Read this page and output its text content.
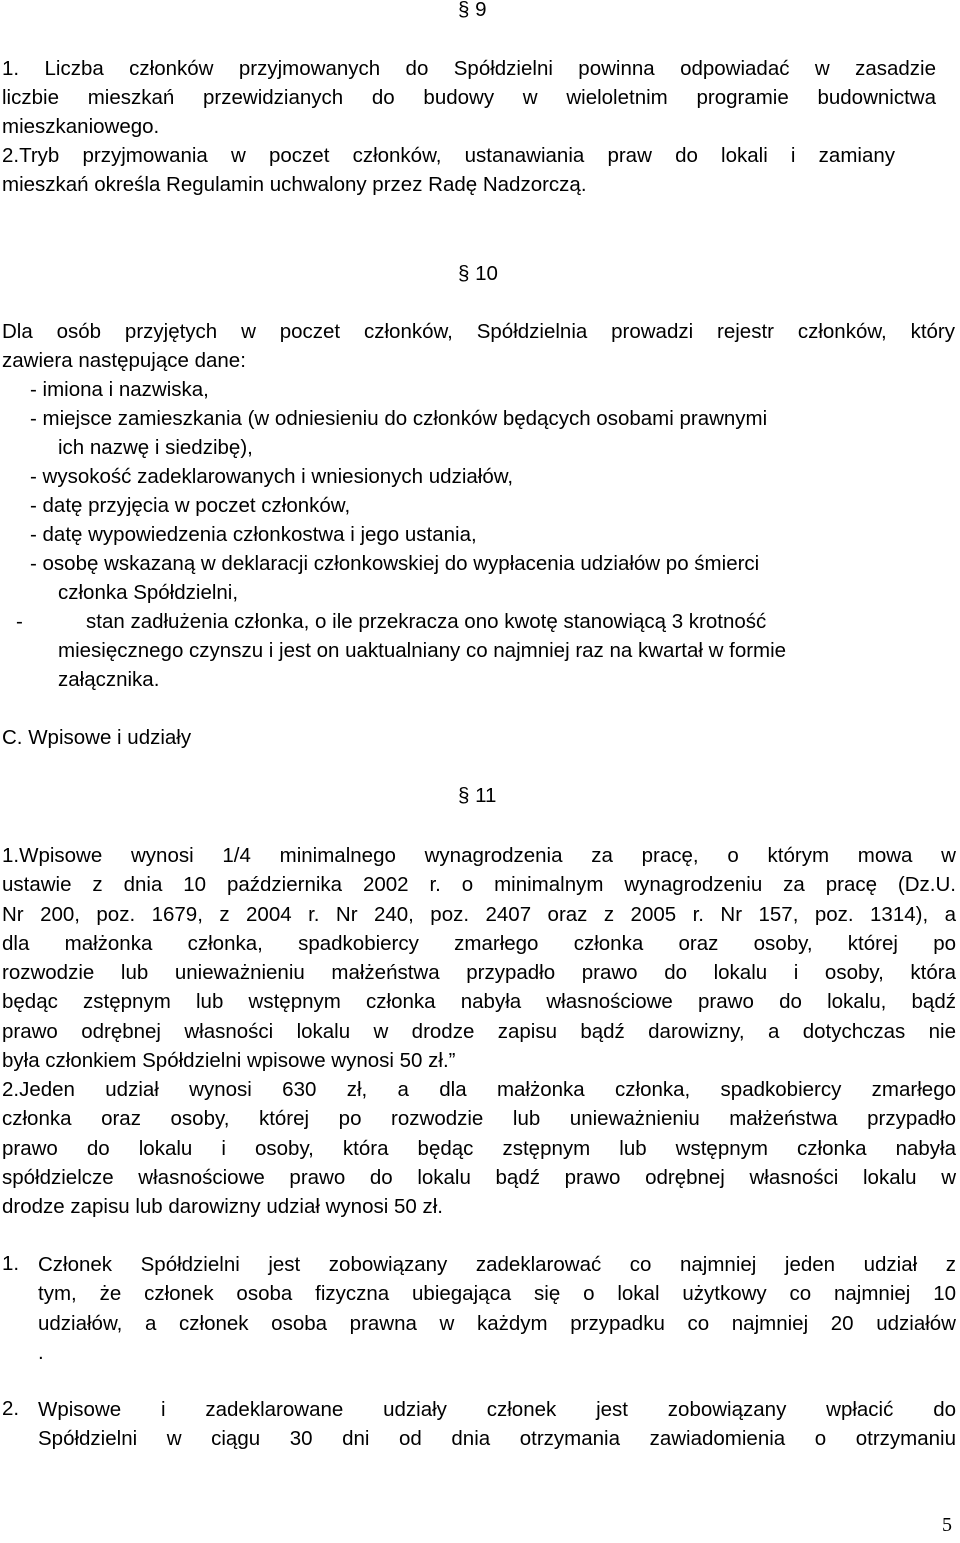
§ 9
1. Liczba członków przyjmowanych do Spółdzielni powinna odpowiadać w zasadzie
liczbie mieszkań przewidzianych do budowy w wieloletnim programie budownictwa
mieszkaniowego.
2.Tryb przyjmowania w poczet członków, ustanawiania praw do lokali i zamiany
mieszkań określa Regulamin uchwalony przez Radę Nadzorczą.
§ 10
Dla osób przyjętych w poczet członków, Spółdzielnia prowadzi rejestr członków, który
zawiera następujące dane:
- imiona i nazwiska,
- miejsce zamieszkania (w odniesieniu do członków będących osobami prawnymi
ich nazwę i siedzibę),
- wysokość zadeklarowanych i wniesionych udziałów,
- datę przyjęcia w poczet członków,
- datę wypowiedzenia członkostwa i jego ustania,
- osobę wskazaną w deklaracji członkowskiej do wypłacenia udziałów po śmierci
członka Spółdzielni,
-	stan zadłużenia członka, o ile przekracza ono kwotę stanowiącą 3 krotność
miesięcznego czynszu i jest on uaktualniany co najmniej raz na kwartał w formie
załącznika.
C. Wpisowe i udziały
§ 11
1.Wpisowe wynosi 1/4 minimalnego wynagrodzenia za pracę, o którym mowa w
ustawie z dnia 10 października 2002 r. o minimalnym wynagrodzeniu za pracę (Dz.U.
Nr 200, poz. 1679, z 2004 r. Nr 240, poz. 2407 oraz z 2005 r. Nr 157, poz. 1314), a
dla małżonka członka, spadkobiercy zmarłego członka oraz osoby, której po
rozwodzie lub unieważnieniu małżeństwa przypadło prawo do lokalu i osoby, która
będąc zstępnym lub wstępnym członka nabyła własnościowe prawo do lokalu, bądź
prawo odrębnej własności lokalu w drodze zapisu bądź darowizny, a dotychczas nie
była członkiem Spółdzielni wpisowe wynosi 50 zł.”
2.Jeden udział wynosi 630 zł, a dla małżonka członka, spadkobiercy zmarłego
członka oraz osoby, której po rozwodzie lub unieważnieniu małżeństwa przypadło
prawo do lokalu i osoby, która będąc zstępnym lub wstępnym członka nabyła
spółdzielcze własnościowe prawo do lokalu bądź prawo odrębnej własności lokalu w
drodze zapisu lub darowizny udział wynosi 50 zł.
1. Członek Spółdzielni jest zobowiązany zadeklarować co najmniej jeden udział z
tym, że członek osoba fizyczna ubiegająca się o lokal użytkowy co najmniej 10
udziałów, a członek osoba prawna w każdym przypadku co najmniej 20 udziałów
.
2. Wpisowe i zadeklarowane udziały członek jest zobowiązany wpłacić do
Spółdzielni w ciągu 30 dni od dnia otrzymania zawiadomienia o otrzymaniu
5
